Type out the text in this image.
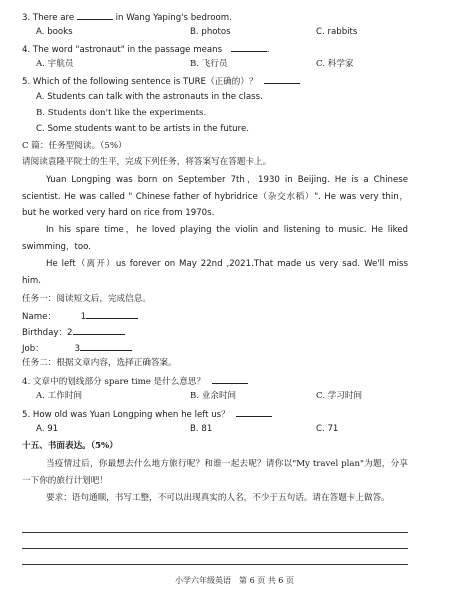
3. There are	in Wang Yaping's bedroom.
A. books	B. photos	C. rabbits
4. The word "astronaut" in the passage means	.
A. 宇航员	B. 飞行员	C. 科学家
5. Which of the following sentence is TURE（正确的）？
A. Students can talk with the astronauts in the class.
B. Students don't like the experiments.
C. Some students want to be artists in the future.
C 篇：任务型阅读。（5%）
请阅读袁隆平院士的生平，完成下列任务，将答案写在答题卡上。
Yuan Longping was born on September 7th，1930 in Beijing. He is a Chinese scientist. He was called " Chinese father of hybridrice（杂交水稻）". He was very thin，but he worked very hard on rice from 1970s.
In his spare time，he loved playing the violin and listening to music. He liked swimming，too.
He left（离开）us forever on May 22nd ,2021.That made us very sad. We'll miss him.
任务一：阅读短文后，完成信息。
Name：	1
Birthday：2
Job：	3
任务二：根据文章内容，选择正确答案。
4. 文章中的划线部分 spare time 是什么意思？
A. 工作时间	B. 业余时间	C. 学习时间
5. How old was Yuan Longping when he left us？
A. 91	B. 81	C. 71
十五、书面表达。（5%）
当疫情过后，你最想去什么地方旅行呢？和谁一起去呢？请你以"My travel plan"为题，分享一下你的旅行计划吧！
要求：语句通顺，书写工整，不可以出现真实的人名，不少于五句话。请在答题卡上做答。
小学六年级英语　第 6 页 共 6 页
